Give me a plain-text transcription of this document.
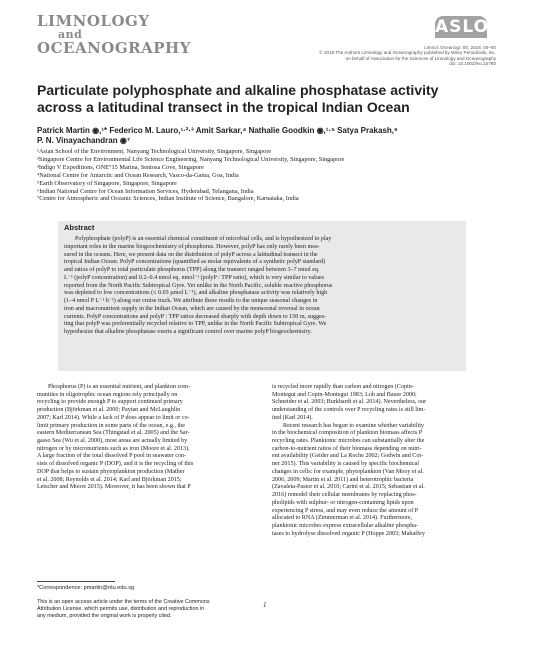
LIMNOLOGY
and
OCEANOGRAPHY
ASLO
Limnol. Oceanogr. 00, 2018, 00–00
© 2018 The Authors Limnology and Oceanography published by Wiley Periodicals, Inc.
on behalf of Association for the Sciences of Limnology and Oceanography
doi: 10.1002/lno.10780
Particulate polyphosphate and alkaline phosphatase activity
across a latitudinal transect in the tropical Indian Ocean
Patrick Martin ◉,¹* Federico M. Lauro,¹·²·³ Amit Sarkar,⁴ Nathalie Goodkin ◉,¹·⁵ Satya Prakash,⁶
P. N. Vinayachandran ◉⁷
¹Asian School of the Environment, Nanyang Technological University, Singapore, Singapore
²Singapore Centre for Environmental Life Science Engineering, Nanyang Technological University, Singapore, Singapore
³Indigo V Expeditions, ONE°15 Marina, Sentosa Cove, Singapore
⁴National Centre for Antarctic and Ocean Research, Vasco-da-Gama, Goa, India
⁵Earth Observatory of Singapore, Singapore, Singapore
⁶Indian National Centre for Ocean Information Services, Hyderabad, Telangana, India
⁷Centre for Atmospheric and Oceanic Sciences, Indian Institute of Science, Bangalore, Karnataka, India
Abstract
Polyphosphate (polyP) is an essential chemical constituent of microbial cells, and is hypothesized to play
important roles in the marine biogeochemistry of phosphorus. However, polyP has only rarely been mea-
sured in the oceans. Here, we present data on the distribution of polyP across a latitudinal transect in the
tropical Indian Ocean. PolyP concentrations (quantified as molar equivalents of a synthetic polyP standard)
and ratios of polyP to total particulate phosphorus (TPP) along the transect ranged between 3–7 nmol eq.
L⁻¹ (polyP concentration) and 0.2–0.4 nmol eq. nmol⁻¹ (polyP : TPP ratio), which is very similar to values
reported from the North Pacific Subtropical Gyre. Yet unlike in the North Pacific, soluble reactive phosphorus
was depleted to low concentrations (≤ 0.03 µmol L⁻¹), and alkaline phosphatase activity was relatively high
(1–4 nmol P L⁻¹ h⁻¹) along our cruise track. We attribute these results to the unique seasonal changes in
iron and macronutrient supply in the Indian Ocean, which are caused by the monsoonal reversal in ocean
currents. PolyP concentrations and polyP : TPP ratios decreased sharply with depth down to 150 m, sugges-
ting that polyP was preferentially recycled relative to TPP, unlike in the North Pacific Subtropical Gyre. We
hypothesize that alkaline phosphatase exerts a significant control over marine polyP biogeochemistry.
Phosphorus (P) is an essential nutrient, and plankton com-
munities in oligotrophic ocean regions rely principally on
recycling to provide enough P to support continued primary
production (Björkman et al. 2000; Paytan and McLaughlin
2007; Karl 2014). While a lack of P does appear to limit or co-
limit primary production in some parts of the ocean, e.g., the
eastern Mediterranean Sea (Thingstad et al. 2005) and the Sar-
gasso Sea (Wu et al. 2000), most areas are actually limited by
nitrogen or by micronutrients such as iron (Moore et al. 2013).
A large fraction of the total dissolved P pool in seawater con-
sists of dissolved organic P (DOP), and it is the recycling of this
DOP that helps to sustain phytoplankton production (Mather
et al. 2008; Reynolds et al. 2014; Karl and Björkman 2015;
Letscher and Moore 2015). Moreover, it has been shown that P
is recycled more rapidly than carbon and nitrogen (Copin-
Montegut and Copin-Montegut 1983; Loh and Bauer 2000;
Schneider et al. 2003; Burkhardt et al. 2014). Nevertheless, our
understanding of the controls over P recycling rates is still lim-
ited (Karl 2014).
Recent research has begun to examine whether variability
in the biochemical composition of plankton biomass affects P
recycling rates. Planktonic microbes can substantially alter the
carbon-to-nutrient ratios of their biomass depending on nutri-
ent availability (Geider and La Roche 2002; Godwin and Cot-
ner 2015). This variability is caused by specific biochemical
changes in cells: for example, phytoplankton (Van Mooy et al.
2006, 2009; Martin et al. 2011) and heterotrophic bacteria
(Zavaleta-Pastor et al. 2010; Carini et al. 2015; Sebastian et al.
2016) remodel their cellular membranes by replacing phos-
pholipids with sulphur- or nitrogen-containing lipids upon
experiencing P stress, and may even reduce the amount of P
allocated to RNA (Zimmerman et al. 2014). Furthermore,
planktonic microbes express extracellular alkaline phospha-
tases to hydrolyse dissolved organic P (Hoppe 2003; Mahaffey
*Correspondence: pmartin@ntu.edu.sg
This is an open access article under the terms of the Creative Commons
Attribution License, which permits use, distribution and reproduction in
any medium, provided the original work is properly cited.
1
